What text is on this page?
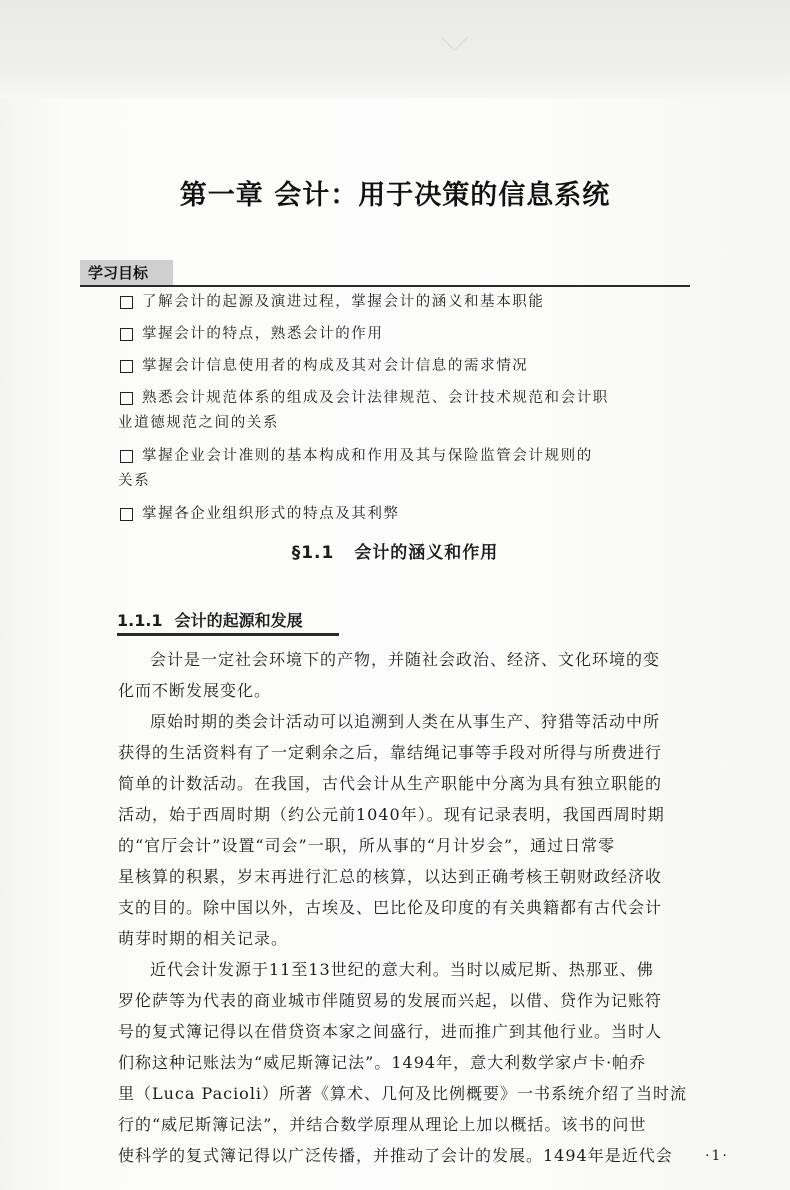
第一章 会计：用于决策的信息系统
学习目标
了解会计的起源及演进过程，掌握会计的涵义和基本职能
掌握会计的特点，熟悉会计的作用
掌握会计信息使用者的构成及其对会计信息的需求情况
熟悉会计规范体系的组成及会计法律规范、会计技术规范和会计职
业道德规范之间的关系
掌握企业会计准则的基本构成和作用及其与保险监管会计规则的
关系
掌握各企业组织形式的特点及其利弊
§1.1 会计的涵义和作用
1.1.1 会计的起源和发展

会计是一定社会环境下的产物，并随社会政治、经济、文化环境的变
化而不断发展变化。

原始时期的类会计活动可以追溯到人类在从事生产、狩猎等活动中所
获得的生活资料有了一定剩余之后，靠结绳记事等手段对所得与所费进行
简单的计数活动。在我国，古代会计从生产职能中分离为具有独立职能的
活动，始于西周时期（约公元前1040年）。现有记录表明，我国西周时期
的“官厅会计”设置“司会”一职，所从事的“月计岁会”，通过日常零
星核算的积累，岁末再进行汇总的核算，以达到正确考核王朝财政经济收
支的目的。除中国以外，古埃及、巴比伦及印度的有关典籍都有古代会计
萌芽时期的相关记录。

近代会计发源于11至13世纪的意大利。当时以威尼斯、热那亚、佛
罗伦萨等为代表的商业城市伴随贸易的发展而兴起，以借、贷作为记账符
号的复式簿记得以在借贷资本家之间盛行，进而推广到其他行业。当时人
们称这种记账法为“威尼斯簿记法”。1494年，意大利数学家卢卡·帕乔
里（Luca Pacioli）所著《算术、几何及比例概要》一书系统介绍了当时流
行的“威尼斯簿记法”，并结合数学原理从理论上加以概括。该书的问世
使科学的复式簿记得以广泛传播，并推动了会计的发展。1494年是近代会	·1·
